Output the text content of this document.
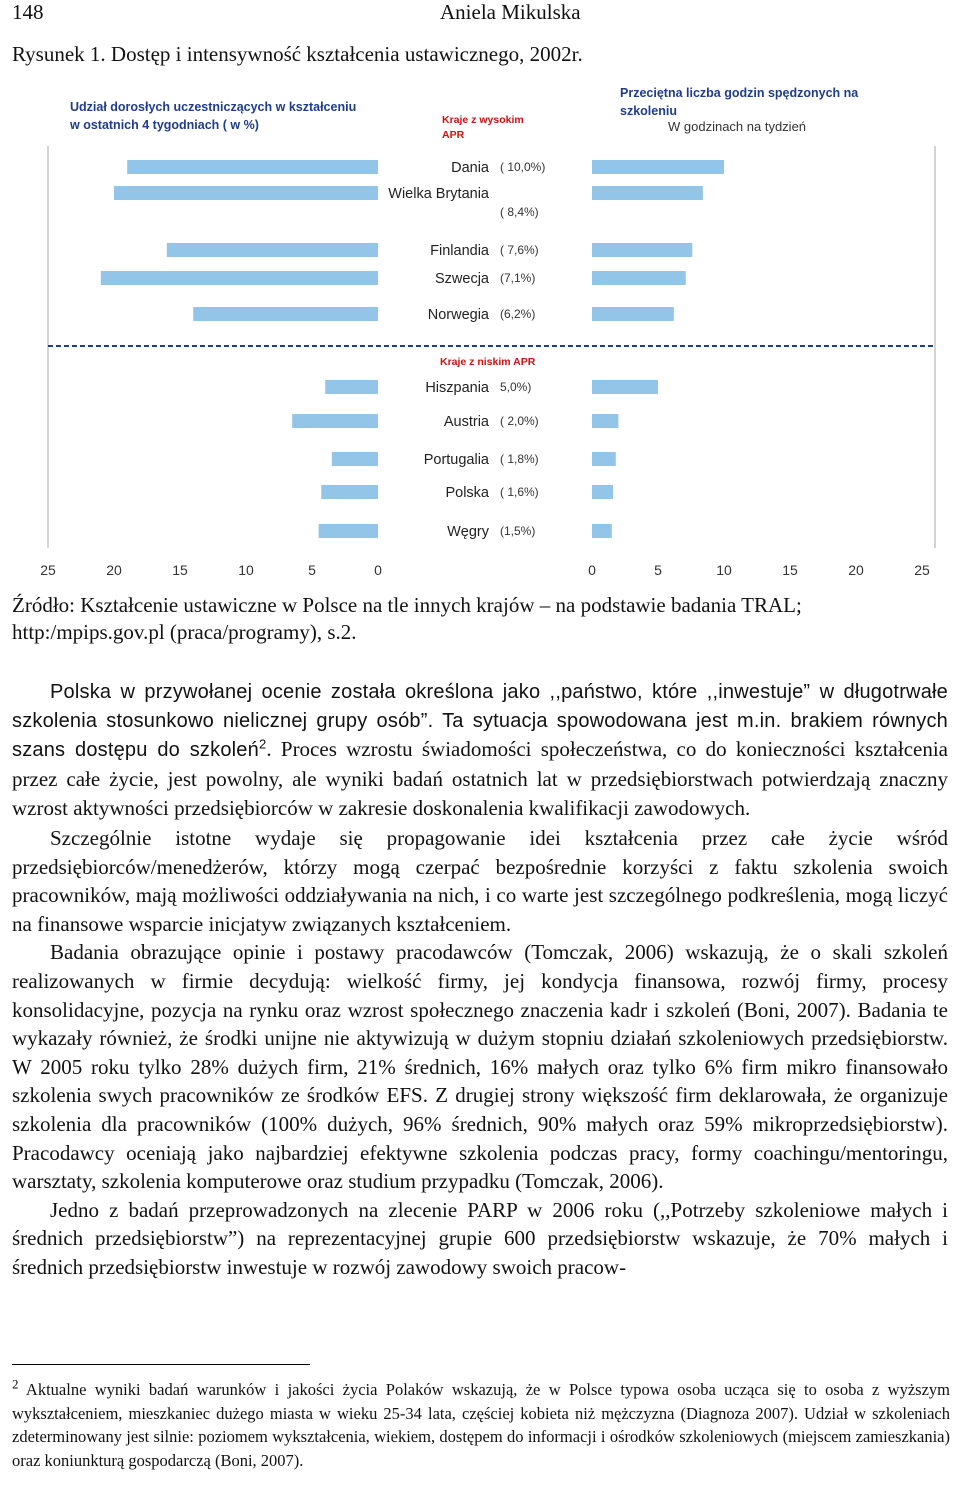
148	Aniela Mikulska
Rysunek 1. Dostęp i intensywność kształcenia ustawicznego, 2002r.
Udział dorosłych uczestniczących w kształceniu
w ostatnich 4 tygodniach ( w %)
Przeciętna liczba godzin spędzonych na
szkoleniu
W godzinach na tydzień
Kraje z wysokim
APR
Kraje z niskim APR
Dania
Wielka Brytania
Finlandia
Szwecja
Norwegia
Hiszpania
Austria
Portugalia
Polska
Węgry
( 10,0%)
( 8,4%)
( 7,6%)
(7,1%)
(6,2%)
5,0%)
( 2,0%)
( 1,8%)
( 1,6%)
(1,5%)
25	20	15	10	5	0	0	5	10	15	20	25
Źródło: Kształcenie ustawiczne w Polsce na tle innych krajów – na podstawie badania TRAL; http:/mpips.gov.pl (praca/programy), s.2.

Polska w przywołanej ocenie została określona jako ,,państwo, które ,,inwestuje” w długotrwałe szkolenia stosunkowo nielicznej grupy osób”. Ta sytuacja spowodowana jest m.in. brakiem równych szans dostępu do szkoleń$^2$. Proces wzrostu świadomości społeczeństwa, co do konieczności kształcenia przez całe życie, jest powolny, ale wyniki badań ostatnich lat w przedsiębiorstwach potwierdzają znaczny wzrost aktywności przedsiębiorców w zakresie doskonalenia kwalifikacji zawodowych.

Szczególnie istotne wydaje się propagowanie idei kształcenia przez całe życie wśród przedsiębiorców/menedżerów, którzy mogą czerpać bezpośrednie korzyści z faktu szkolenia swoich pracowników, mają możliwości oddziaływania na nich, i co warte jest szczególnego podkreślenia, mogą liczyć na finansowe wsparcie inicjatyw związanych kształceniem.

Badania obrazujące opinie i postawy pracodawców (Tomczak, 2006) wskazują, że o skali szkoleń realizowanych w firmie decydują: wielkość firmy, jej kondycja finansowa, rozwój firmy, procesy konsolidacyjne, pozycja na rynku oraz wzrost społecznego znaczenia kadr i szkoleń (Boni, 2007). Badania te wykazały również, że środki unijne nie aktywizują w dużym stopniu działań szkoleniowych przedsiębiorstw. W 2005 roku tylko 28% dużych firm, 21% średnich, 16% małych oraz tylko 6% firm mikro finansowało szkolenia swych pracowników ze środków EFS. Z drugiej strony większość firm deklarowała, że organizuje szkolenia dla pracowników (100% dużych, 96% średnich, 90% małych oraz 59% mikroprzedsiębiorstw). Pracodawcy oceniają jako najbardziej efektywne szkolenia podczas pracy, formy coachingu/mentoringu, warsztaty, szkolenia komputerowe oraz studium przypadku (Tomczak, 2006).

Jedno z badań przeprowadzonych na zlecenie PARP w 2006 roku (,,Potrzeby szkoleniowe małych i średnich przedsiębiorstw”) na reprezentacyjnej grupie 600 przedsiębiorstw wskazuje, że 70% małych i średnich przedsiębiorstw inwestuje w rozwój zawodowy swoich pracow-

$^2$ Aktualne wyniki badań warunków i jakości życia Polaków wskazują, że w Polsce typowa osoba ucząca się to osoba z wyższym wykształceniem, mieszkaniec dużego miasta w wieku 25-34 lata, częściej kobieta niż mężczyzna (Diagnoza 2007). Udział w szkoleniach zdeterminowany jest silnie: poziomem wykształcenia, wiekiem, dostępem do informacji i ośrodków szkoleniowych (miejscem zamieszkania) oraz koniunkturą gospodarczą (Boni, 2007).
